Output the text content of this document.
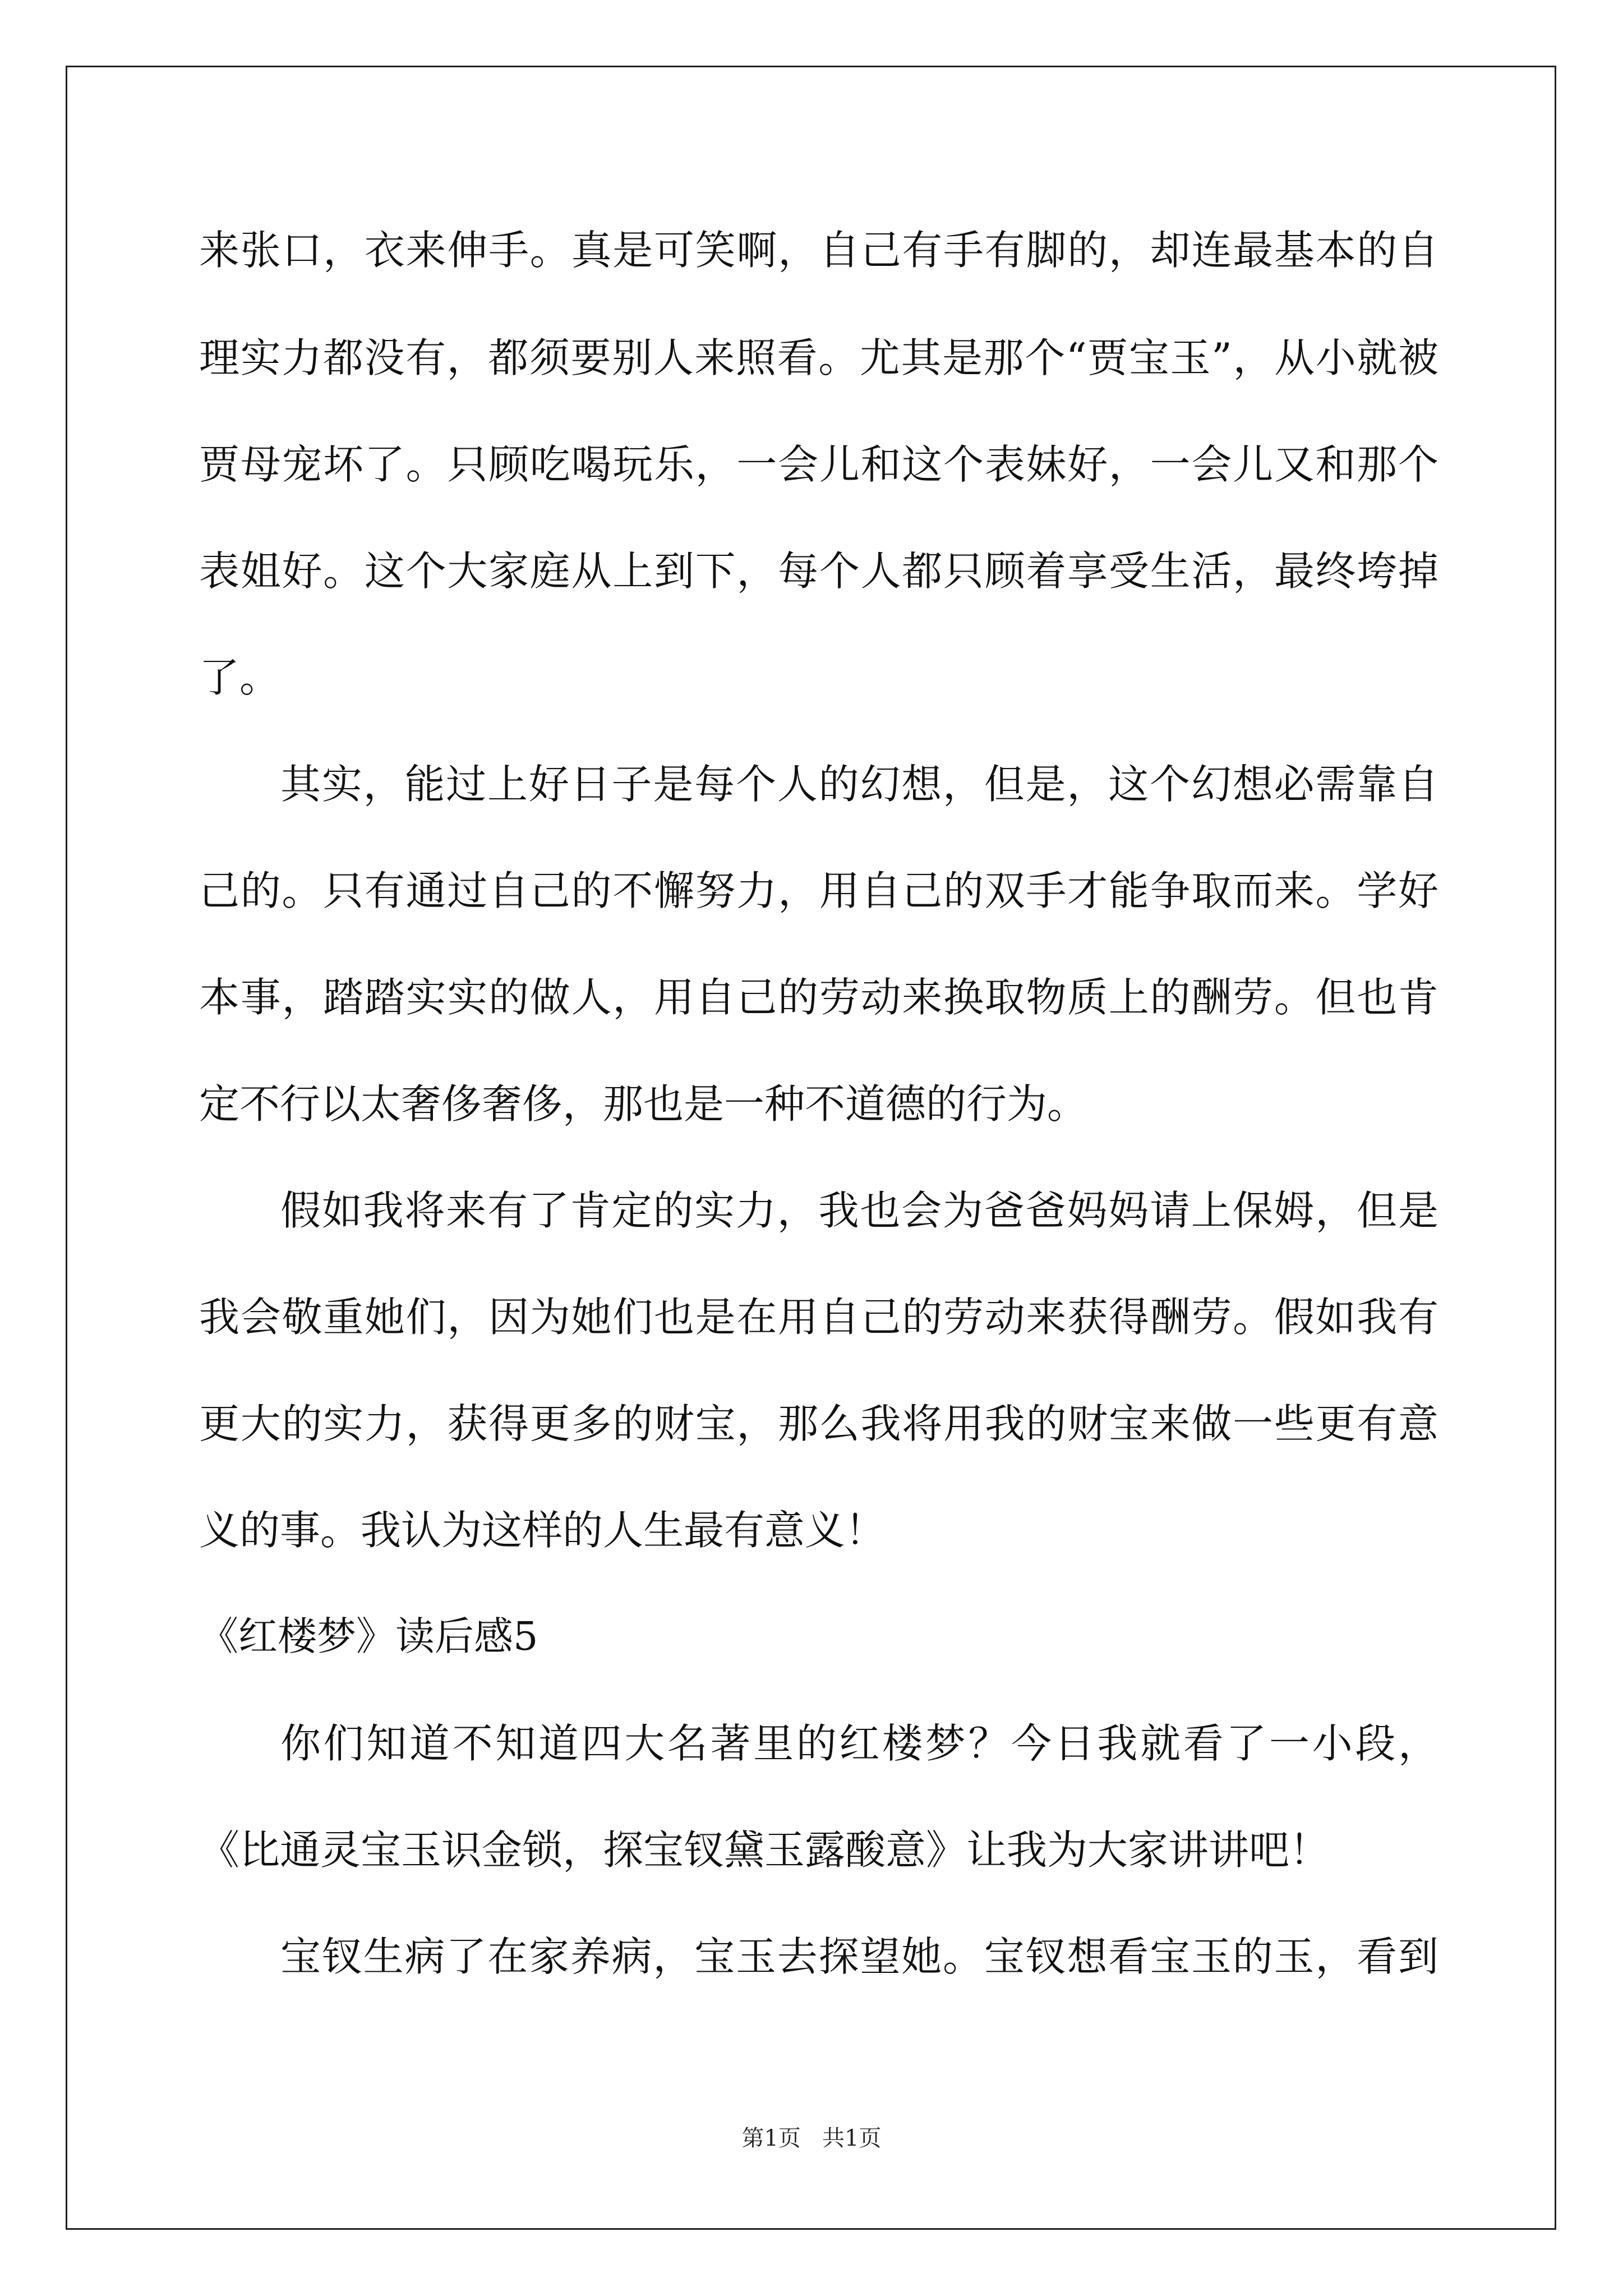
来张口，衣来伸手。真是可笑啊，自己有手有脚的，却连最基本的自
理实力都没有，都须要别人来照看。尤其是那个“贾宝玉”，从小就被
贾母宠坏了。只顾吃喝玩乐，一会儿和这个表妹好，一会儿又和那个
表姐好。这个大家庭从上到下，每个人都只顾着享受生活，最终垮掉
了。
其实，能过上好日子是每个人的幻想，但是，这个幻想必需靠自
己的。只有通过自己的不懈努力，用自己的双手才能争取而来。学好
本事，踏踏实实的做人，用自己的劳动来换取物质上的酬劳。但也肯
定不行以太奢侈奢侈，那也是一种不道德的行为。
假如我将来有了肯定的实力，我也会为爸爸妈妈请上保姆，但是
我会敬重她们，因为她们也是在用自己的劳动来获得酬劳。假如我有
更大的实力，获得更多的财宝，那么我将用我的财宝来做一些更有意
义的事。我认为这样的人生最有意义！
《红楼梦》读后感5
你们知道不知道四大名著里的红楼梦？今日我就看了一小段，
《比通灵宝玉识金锁，探宝钗黛玉露酸意》让我为大家讲讲吧！
宝钗生病了在家养病，宝玉去探望她。宝钗想看宝玉的玉，看到
第1页   共1页
